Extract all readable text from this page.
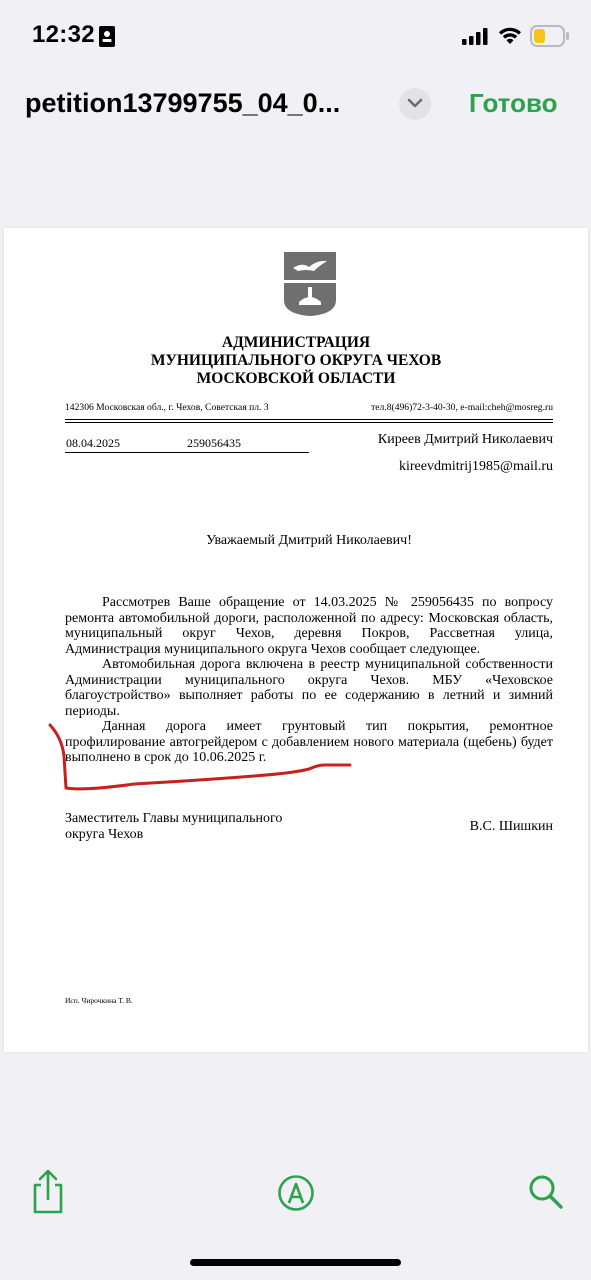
12:32
petition13799755_04_0...	Готово
АДМИНИСТРАЦИЯ
МУНИЦИПАЛЬНОГО ОКРУГА ЧЕХОВ
МОСКОВСКОЙ ОБЛАСТИ
142306 Московская обл., г. Чехов, Советская пл. 3	тел.8(496)72-3-40-30, e-mail:cheh@mosreg.ru
08.04.2025	259056435	Киреев Дмитрий Николаевич
kireevdmitrij1985@mail.ru
Уважаемый Дмитрий Николаевич!

Рассмотрев Ваше обращение от 14.03.2025 № 259056435 по вопросу ремонта автомобильной дороги, расположенной по адресу: Московская область, муниципальный округ Чехов, деревня Покров, Рассветная улица, Администрация муниципального округа Чехов сообщает следующее.

Автомобильная дорога включена в реестр муниципальной собственности Администрации муниципального округа Чехов. МБУ «Чеховское благоустройство» выполняет работы по ее содержанию в летний и зимний периоды.

Данная дорога имеет грунтовый тип покрытия, ремонтное профилирование автогрейдером с добавлением нового материала (щебень) будет выполнено в срок до 10.06.2025 г.

Заместитель Главы муниципального округа Чехов	В.С. Шишкин
Исп. Чирочкина Т. В.
